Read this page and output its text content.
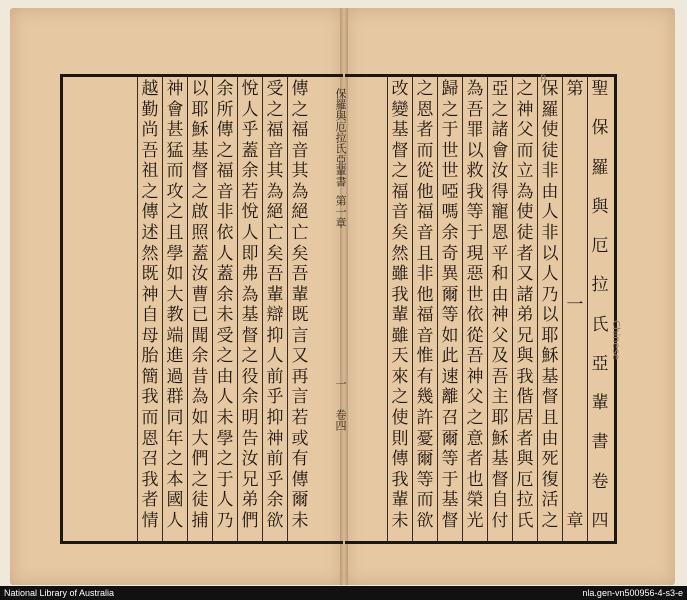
聖
保
羅
與
厄
拉
氏
亞
輩
書
卷
四
第
一
章
保
羅
使
徒
非
由
人
非
以
人
乃
以
耶
穌
基
督
且
由
死
復
活
之
之
神
父
而
立
為
使
徒
者
又
諸
弟
兄
與
我
偕
居
者
與
厄
拉
氏
亞
之
諸
會
汝
得
寵
恩
平
和
由
神
父
及
吾
主
耶
穌
基
督
自
付
為
吾
罪
以
救
我
等
于
現
惡
世
依
從
吾
神
父
之
意
者
也
榮
光
歸
之
于
世
世
啞
嗎
余
奇
異
爾
等
如
此
速
離
召
爾
等
于
基
督
之
恩
者
而
從
他
福
音
且
非
他
福
音
惟
有
幾
許
憂
爾
等
而
欲
改
變
基
督
之
福
音
矣
然
雖
我
輩
雖
天
來
之
使
則
傳
我
輩
未
傳
之
福
音
其
為
絕
亡
矣
吾
輩
既
言
又
再
言
若
或
有
傳
爾
未
受
之
福
音
其
為
絕
亡
矣
吾
輩
辯
抑
人
前
乎
抑
神
前
乎
余
欲
悅
人
乎
蓋
余
若
悅
人
即
弗
為
基
督
之
役
余
明
告
汝
兄
弟
們
余
所
傳
之
福
音
非
依
人
蓋
余
未
受
之
由
人
未
學
之
于
人
乃
以
耶
穌
基
督
之
啟
照
蓋
汝
曹
已
聞
余
昔
為
如
大
們
之
徒
捕
神
會
甚
猛
而
攻
之
且
學
如
大
教
端
進
過
群
同
年
之
本
國
人
越
勤
尚
吾
祖
之
傳
述
然
既
神
自
母
胎
簡
我
而
恩
召
我
者
情
保羅與厄拉氏亞輩書
第一章
一
卷四
p
Chinese
National Library of Australia	nla.gen-vn500956-4-s3-e
